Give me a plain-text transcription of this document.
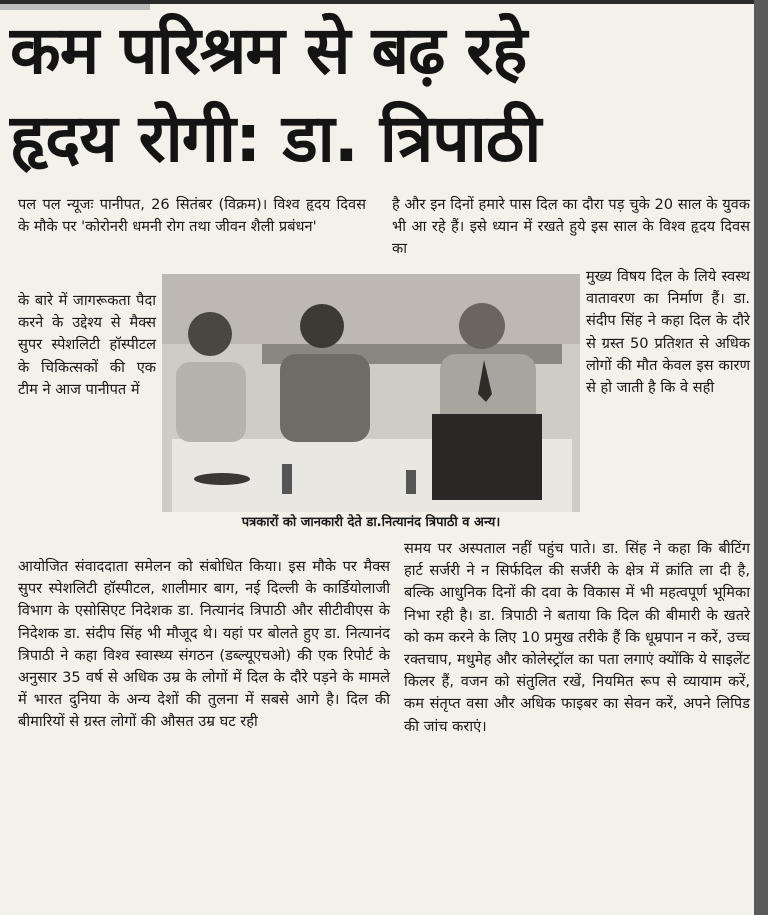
कम परिश्रम से बढ़ रहे
हृदय रोगी: डा. त्रिपाठी

पल पल न्यूजः पानीपत, 26 सितंबर (विक्रम)। विश्व हृदय दिवस के मौके पर 'कोरोनरी धमनी रोग तथा जीवन शैली प्रबंधन'

के बारे में जागरूकता पैदा करने के उद्देश्य से मैक्स सुपर स्पेशलिटी हॉस्पीटल के चिकित्सकों की एक टीम ने आज पानीपत में

आयोजित संवाददाता समेलन को संबोधित किया। इस मौके पर मैक्स सुपर स्पेशलिटी हॉस्पीटल, शालीमार बाग, नई दिल्ली के कार्डियोलाजी विभाग के एसोसिएट निदेशक डा. नित्यानंद त्रिपाठी और सीटीवीएस के निदेशक डा. संदीप सिंह भी मौजूद थे। यहां पर बोलते हुए डा. नित्यानंद त्रिपाठी ने कहा विश्व स्वास्थ्य संगठन (डब्ल्यूएचओ) की एक रिपोर्ट के अनुसार 35 वर्ष से अधिक उम्र के लोगों में दिल के दौरे पड़ने के मामले में भारत दुनिया के अन्य देशों की तुलना में सबसे आगे है। दिल की बीमारियों से ग्रस्त लोगों की औसत उम्र घट रही

है और इन दिनों हमारे पास दिल का दौरा पड़ चुके 20 साल के युवक भी आ रहे हैं। इसे ध्यान में रखते हुये इस साल के विश्व हृदय दिवस का

मुख्य विषय दिल के लिये स्वस्थ वातावरण का निर्माण हैं। डा. संदीप सिंह ने कहा दिल के दौरे से ग्रस्त 50 प्रतिशत से अधिक लोगों की मौत केवल इस कारण से हो जाती है कि वे सही

समय पर अस्पताल नहीं पहुंच पाते। डा. सिंह ने कहा कि बीटिंग हार्ट सर्जरी ने न सिर्फदिल की सर्जरी के क्षेत्र में क्रांति ला दी है, बल्कि आधुनिक दिनों की दवा के विकास में भी महत्वपूर्ण भूमिका निभा रही है। डा. त्रिपाठी ने बताया कि दिल की बीमारी के खतरे को कम करने के लिए 10 प्रमुख तरीके हैं कि धूम्रपान न करें, उच्च रक्तचाप, मधुमेह और कोलेस्ट्रॉल का पता लगाएं क्योंकि ये साइलेंट किलर हैं, वजन को संतुलित रखें, नियमित रूप से व्यायाम करें, कम संतृप्त वसा और अधिक फाइबर का सेवन करें, अपने लिपिड की जांच कराएं।

पत्रकारों को जानकारी देते डा.नित्यानंद त्रिपाठी व अन्य।
